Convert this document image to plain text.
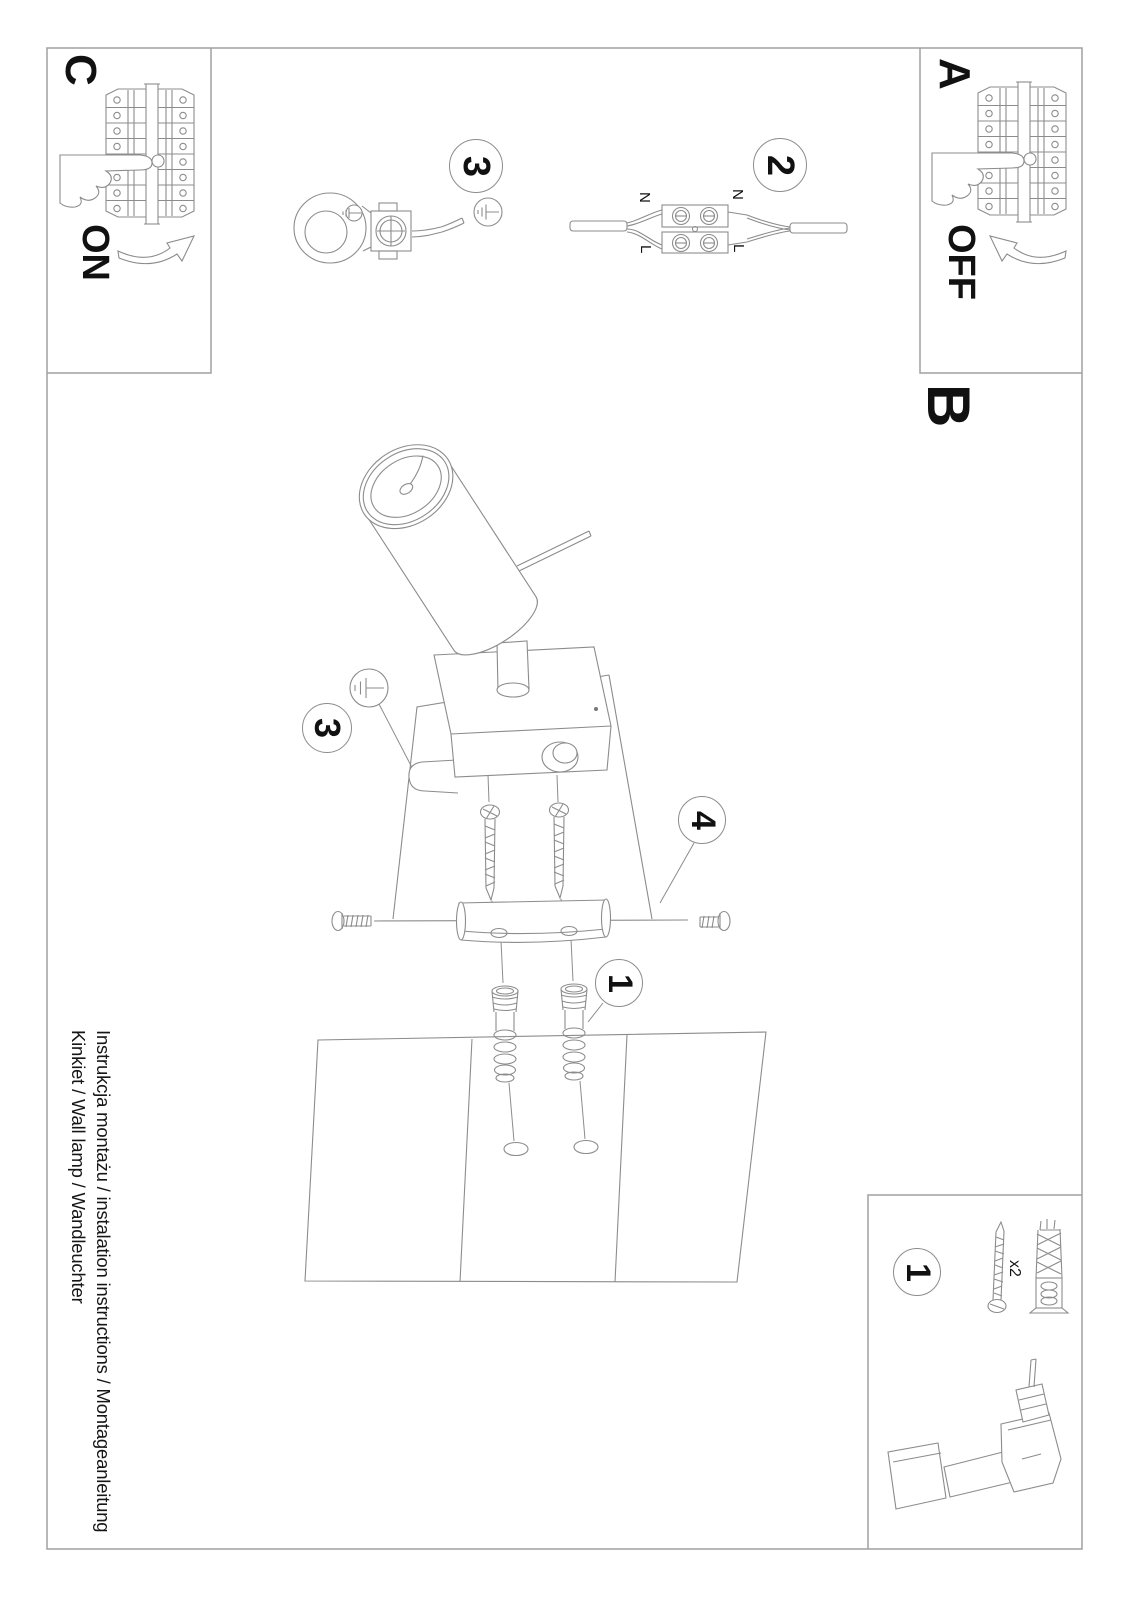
C
ON
A
OFF
B
N	N
L	L
3	2
3
4
1
1	x2
Instrukcja montażu / instalation instructions / Montageanleitung
Kinkiet / Wall lamp / Wandleuchter
